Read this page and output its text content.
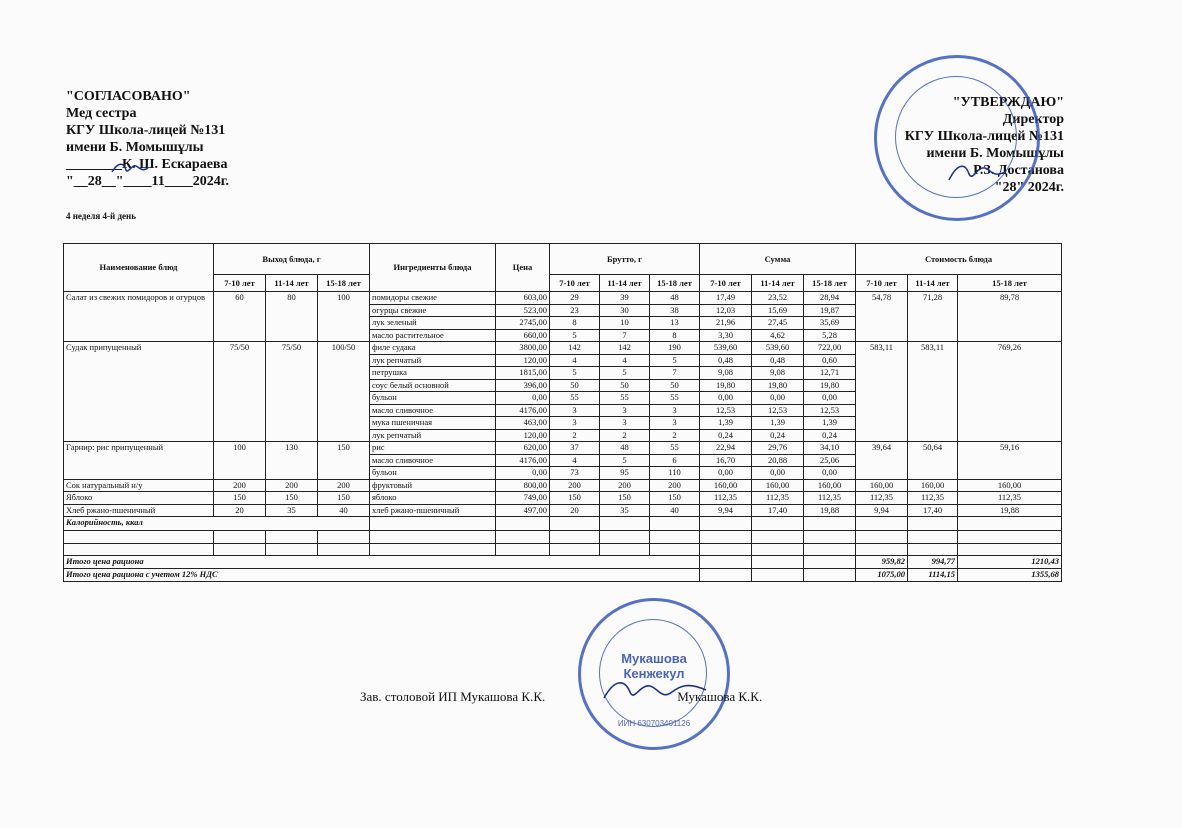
"СОГЛАСОВАНО"
Мед сестра
КГУ Школа-лицей №131
имени Б. Момышұлы
________К. Ш. Ескараева
"__28__"____11____2024г.
"УТВЕРЖДАЮ"
Директор
КГУ Школа-лицей №131
имени Б. Момышұлы
Р.З. Достанова
"28" 2024г.
4 неделя 4-й день
Наименование блюд	Выход блюда, г			Ингредиенты блюда	Цена	Брутто, г			Сумма			Стоимость блюда		
	7-10 лет	11-14 лет	15-18 лет			7-10 лет	11-14 лет	15-18 лет	7-10 лет	11-14 лет	15-18 лет	7-10 лет	11-14 лет	15-18 лет
Салат из свежих помидоров и огурцов	60	80	100	помидоры свежие	603,00	29	39	48	17,49	23,52	28,94	54,78	71,28	89,78
				огурцы свежие	523,00	23	30	38	12,03	15,69	19,87			
				лук зеленый	2745,00	8	10	13	21,96	27,45	35,69			
				масло растительное	660,00	5	7	8	3,30	4,62	5,28			
Судак припущенный	75/50	75/50	100/50	филе судака	3800,00	142	142	190	539,60	539,60	722,00	583,11	583,11	769,26
				лук репчатый	120,00	4	4	5	0,48	0,48	0,60			
				петрушка	1815,00	5	5	7	9,08	9,08	12,71			
				соус белый основной	396,00	50	50	50	19,80	19,80	19,80			
				бульон	0,00	55	55	55	0,00	0,00	0,00			
				масло сливочное	4176,00	3	3	3	12,53	12,53	12,53			
				мука пшеничная	463,00	3	3	3	1,39	1,39	1,39			
				лук репчатый	120,00	2	2	2	0,24	0,24	0,24			
Гарнир: рис припущенный	100	130	150	рис	620,00	37	48	55	22,94	29,76	34,10	39,64	50,64	59,16
				масло сливочное	4176,00	4	5	6	16,70	20,88	25,06			
				бульон	0,00	73	95	110	0,00	0,00	0,00			
Сок натуральный н/у	200	200	200	фруктовый	800,00	200	200	200	160,00	160,00	160,00	160,00	160,00	160,00
Яблоко	150	150	150	яблоко	749,00	150	150	150	112,35	112,35	112,35	112,35	112,35	112,35
Хлеб ржано-пшеничный	20	35	40	хлеб ржано-пшеничный	497,00	20	35	40	9,94	17,40	19,88	9,94	17,40	19,88
Калорийность, ккал														

Итого цена рациона												959,82	994,77	1210,43
Итого цена рациона с учетом 12% НДС												1075,00	1114,15	1355,68
Мукашова
Кенжекул
ИИН 630703401126
Зав. столовой ИП Мукашова К.К.	Мукашова К.К.
